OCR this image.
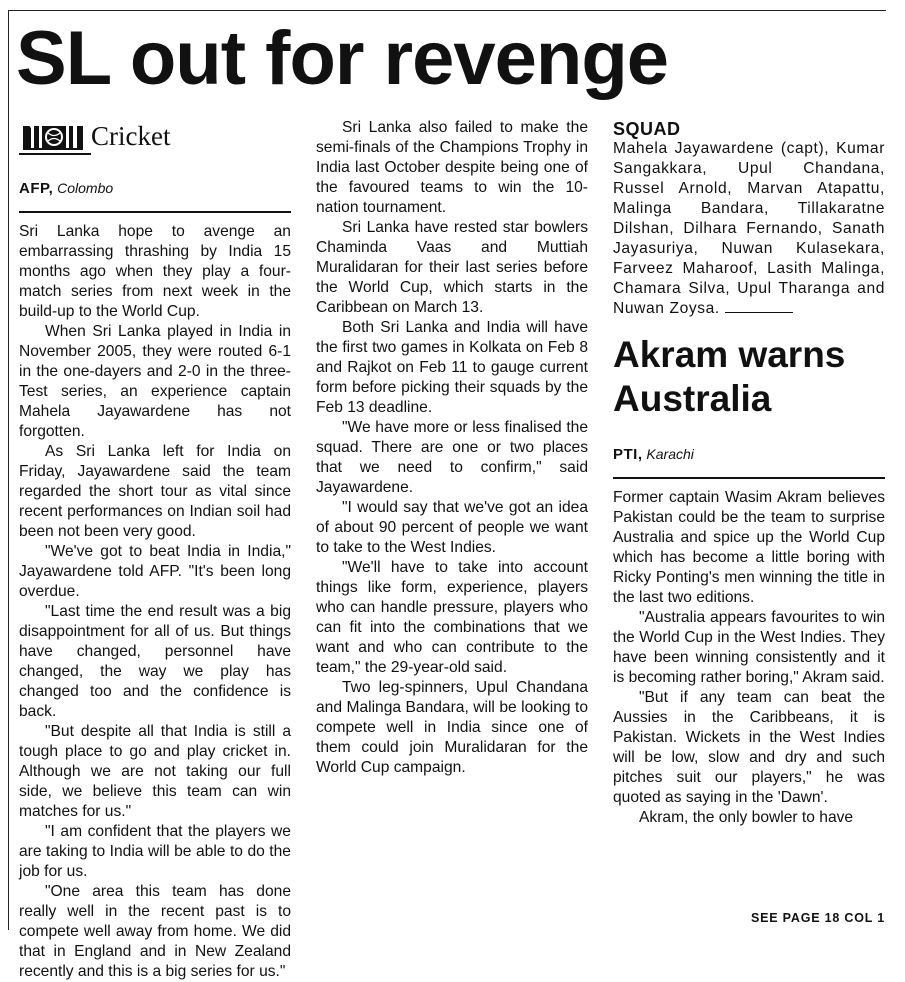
SL out for revenge
Cricket
AFP, Colombo

Sri Lanka hope to avenge an embarrassing thrashing by India 15 months ago when they play a four-match series from next week in the build-up to the World Cup.

When Sri Lanka played in India in November 2005, they were routed 6-1 in the one-dayers and 2-0 in the three-Test series, an experience captain Mahela Jayawardene has not forgotten.

As Sri Lanka left for India on Friday, Jayawardene said the team regarded the short tour as vital since recent performances on Indian soil had been not been very good.

"We've got to beat India in India," Jayawardene told AFP. "It's been long overdue.

"Last time the end result was a big disappointment for all of us. But things have changed, personnel have changed, the way we play has changed too and the confidence is back.

"But despite all that India is still a tough place to go and play cricket in. Although we are not taking our full side, we believe this team can win matches for us."

"I am confident that the players we are taking to India will be able to do the job for us.

"One area this team has done really well in the recent past is to compete well away from home. We did that in England and in New Zealand recently and this is a big series for us."

Sri Lanka also failed to make the semi-finals of the Champions Trophy in India last October despite being one of the favoured teams to win the 10-nation tournament.

Sri Lanka have rested star bowlers Chaminda Vaas and Muttiah Muralidaran for their last series before the World Cup, which starts in the Caribbean on March 13.

Both Sri Lanka and India will have the first two games in Kolkata on Feb 8 and Rajkot on Feb 11 to gauge current form before picking their squads by the Feb 13 deadline.

"We have more or less finalised the squad. There are one or two places that we need to confirm," said Jayawardene.

"I would say that we've got an idea of about 90 percent of people we want to take to the West Indies.

"We'll have to take into account things like form, experience, players who can handle pressure, players who can fit into the combinations that we want and who can contribute to the team," the 29-year-old said.

Two leg-spinners, Upul Chandana and Malinga Bandara, will be looking to compete well in India since one of them could join Muralidaran for the World Cup campaign.

SQUAD

Mahela Jayawardene (capt), Kumar Sangakkara, Upul Chandana, Russel Arnold, Marvan Atapattu, Malinga Bandara, Tillakaratne Dilshan, Dilhara Fernando, Sanath Jayasuriya, Nuwan Kulasekara, Farveez Maharoof, Lasith Malinga, Chamara Silva, Upul Tharanga and Nuwan Zoysa.

Akram warns Australia
PTI, Karachi

Former captain Wasim Akram believes Pakistan could be the team to surprise Australia and spice up the World Cup which has become a little boring with Ricky Ponting's men winning the title in the last two editions.

"Australia appears favourites to win the World Cup in the West Indies. They have been winning consistently and it is becoming rather boring," Akram said.

"But if any team can beat the Aussies in the Caribbeans, it is Pakistan. Wickets in the West Indies will be low, slow and dry and such pitches suit our players," he was quoted as saying in the 'Dawn'.

Akram, the only bowler to have

SEE PAGE 18 COL 1
